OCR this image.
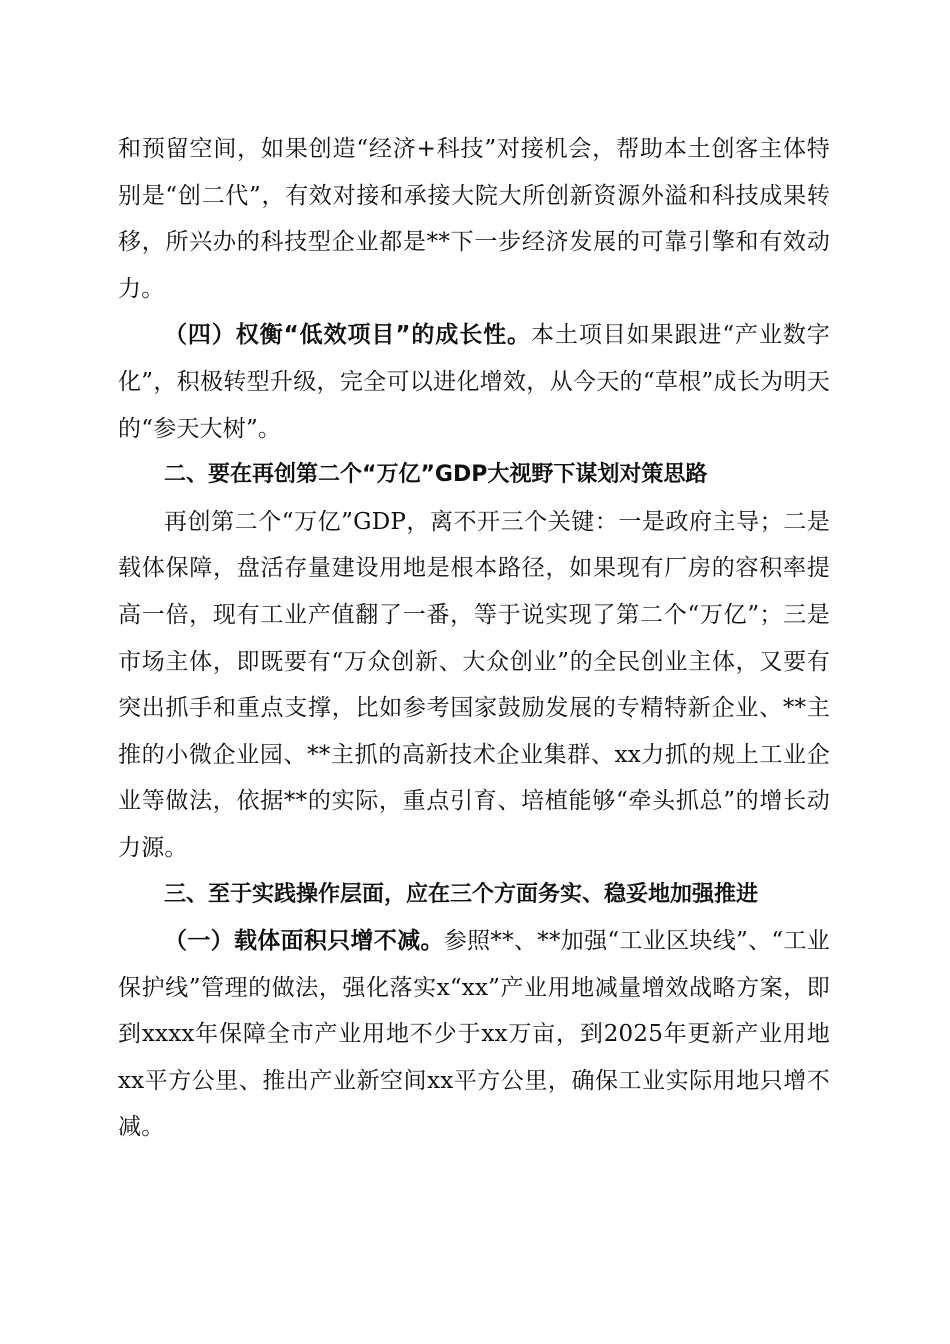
和预留空间，如果创造“经济+科技”对接机会，帮助本土创客主体特别是“创二代”，有效对接和承接大院大所创新资源外溢和科技成果转移，所兴办的科技型企业都是**下一步经济发展的可靠引擎和有效动力。

（四）权衡“低效项目”的成长性。本土项目如果跟进“产业数字化”，积极转型升级，完全可以进化增效，从今天的“草根”成长为明天的“参天大树”。

二、要在再创第二个“万亿”GDP大视野下谋划对策思路

再创第二个“万亿”GDP，离不开三个关键：一是政府主导；二是载体保障，盘活存量建设用地是根本路径，如果现有厂房的容积率提高一倍，现有工业产值翻了一番，等于说实现了第二个“万亿”；三是市场主体，即既要有“万众创新、大众创业”的全民创业主体，又要有突出抓手和重点支撑，比如参考国家鼓励发展的专精特新企业、**主推的小微企业园、**主抓的高新技术企业集群、xx力抓的规上工业企业等做法，依据**的实际，重点引育、培植能够“牵头抓总”的增长动力源。

三、至于实践操作层面，应在三个方面务实、稳妥地加强推进

（一）载体面积只增不减。参照**、**加强“工业区块线”、“工业保护线”管理的做法，强化落实x“xx”产业用地减量增效战略方案，即到xxxx年保障全市产业用地不少于xx万亩，到2025年更新产业用地xx平方公里、推出产业新空间xx平方公里，确保工业实际用地只增不减。
